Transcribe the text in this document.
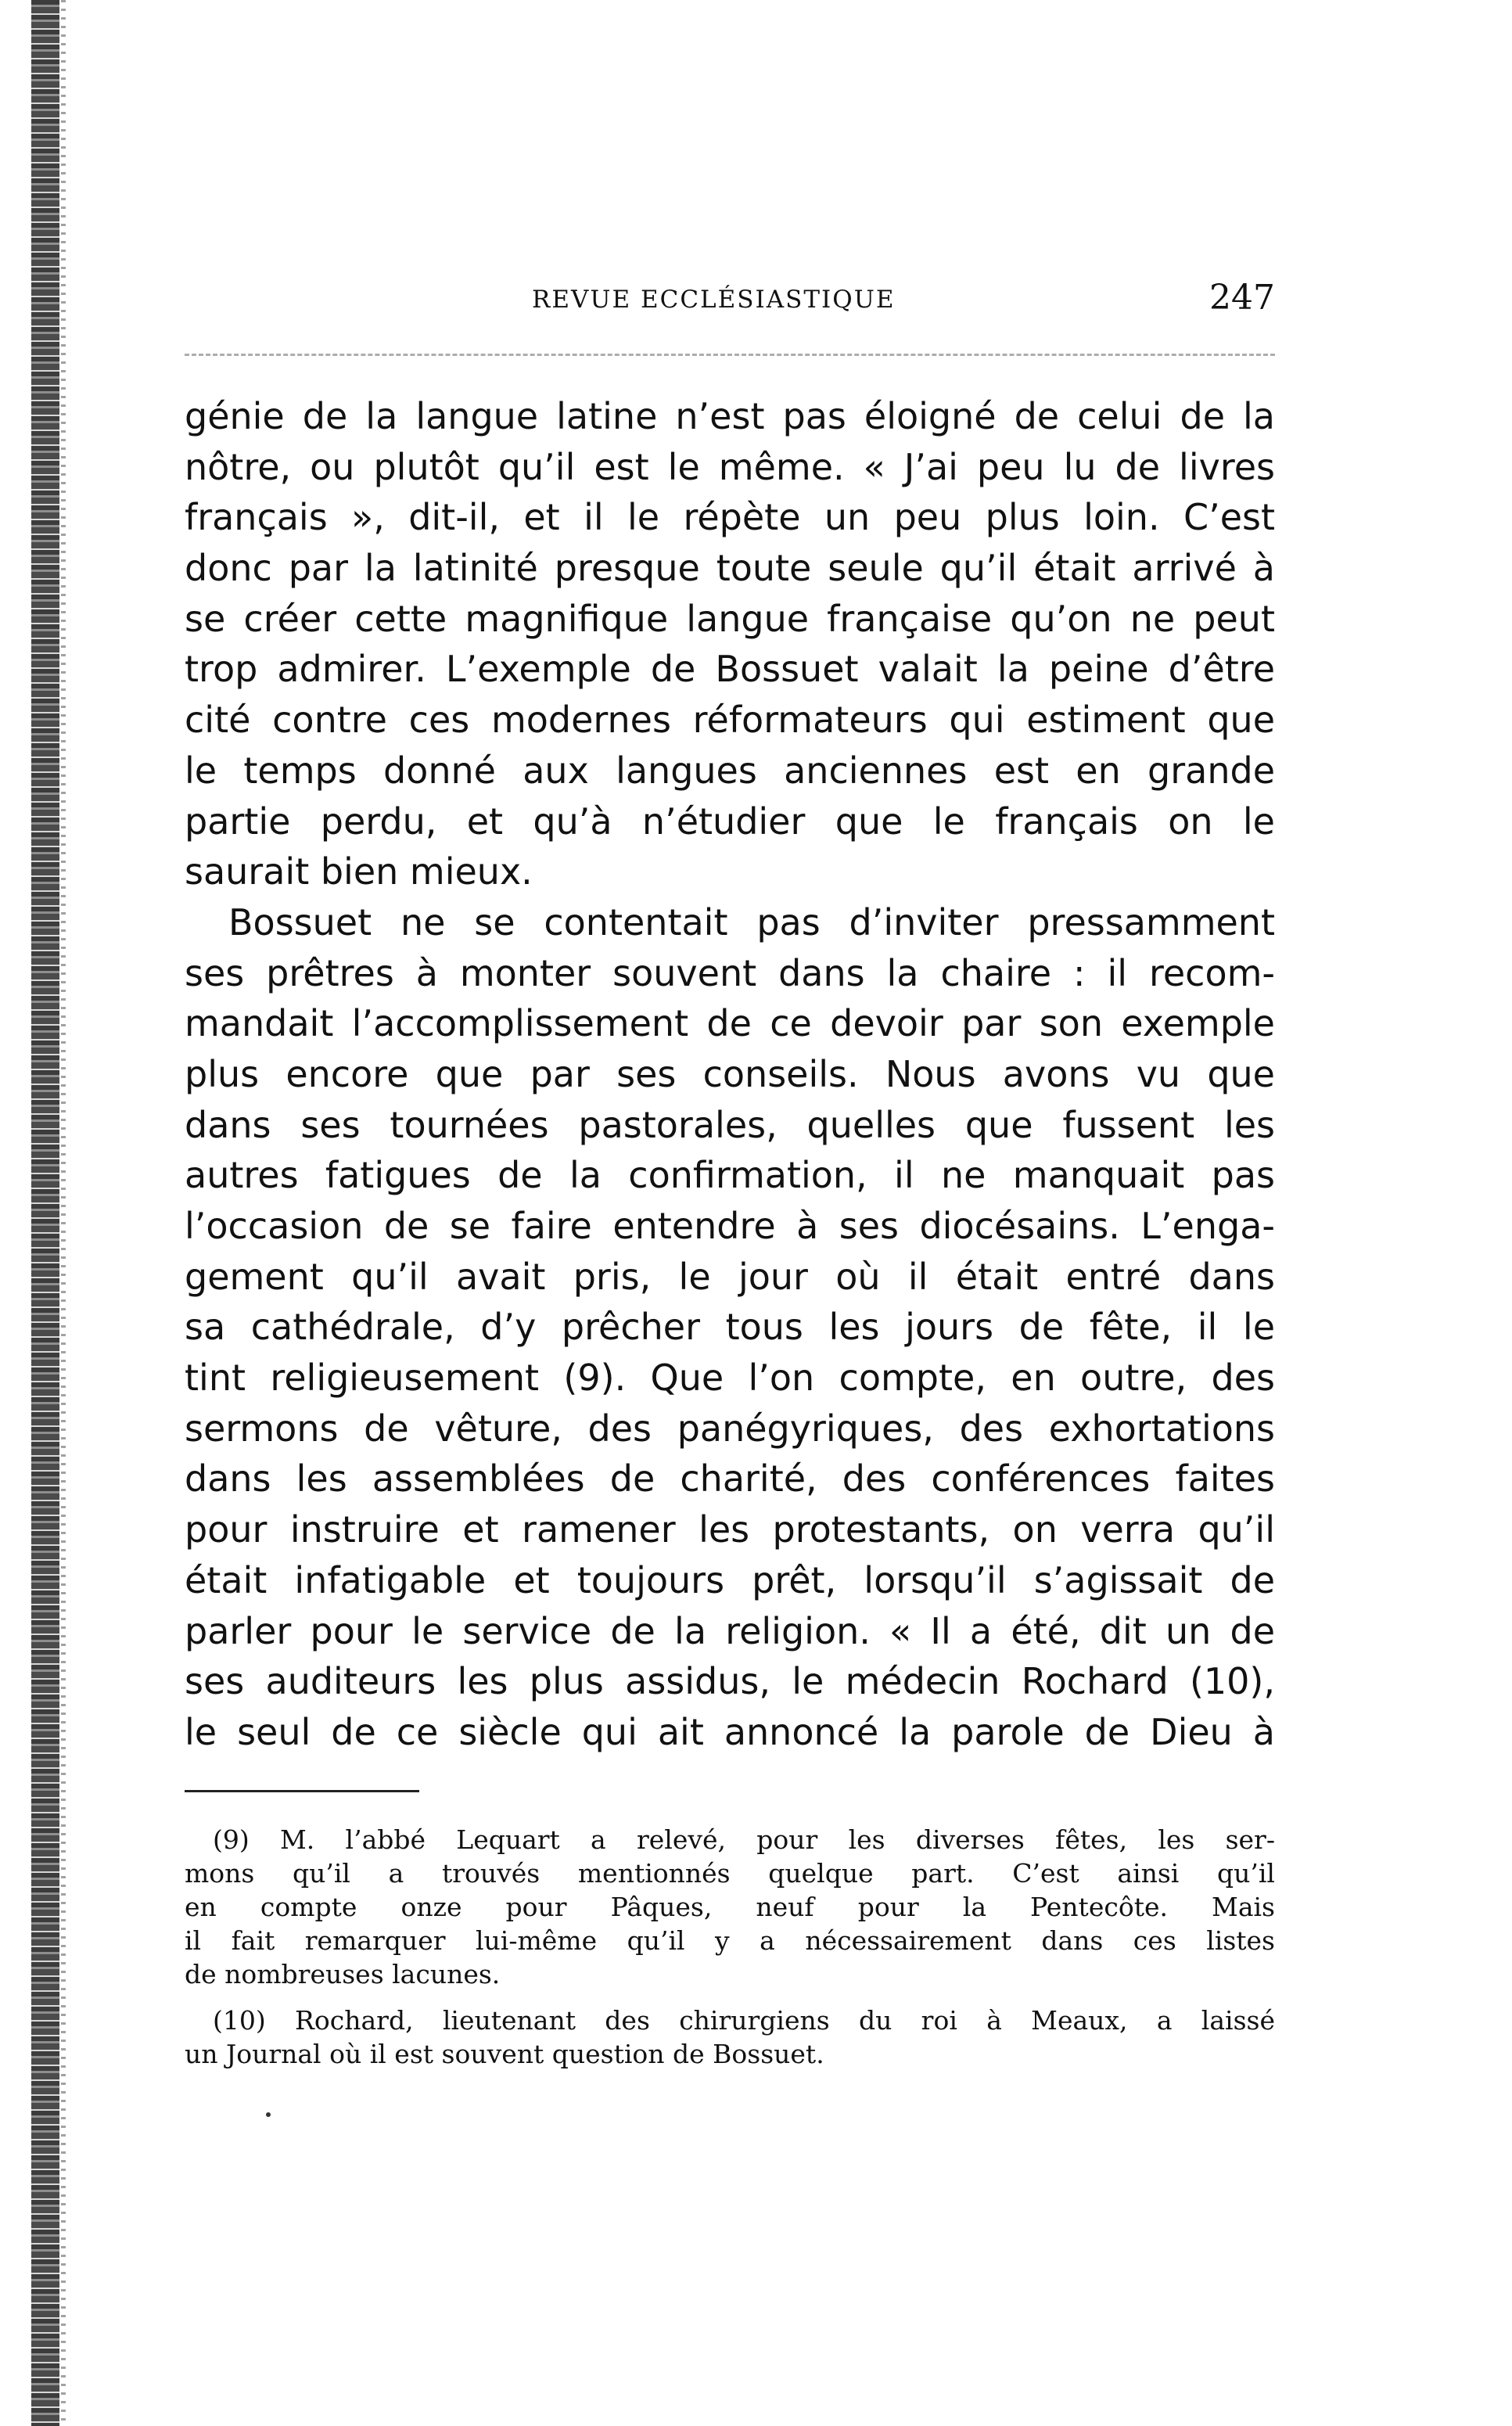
REVUE ECCLÉSIASTIQUE	247
génie de la langue latine n’est pas éloigné de celui de la
nôtre, ou plutôt qu’il est le même. « J’ai peu lu de livres
français », dit-il, et il le répète un peu plus loin. C’est
donc par la latinité presque toute seule qu’il était arrivé à
se créer cette magnifique langue française qu’on ne peut
trop admirer. L’exemple de Bossuet valait la peine d’être
cité contre ces modernes réformateurs qui estiment que
le temps donné aux langues anciennes est en grande
partie perdu, et qu’à n’étudier que le français on le
saurait bien mieux.
Bossuet ne se contentait pas d’inviter pressamment
ses prêtres à monter souvent dans la chaire : il recom-
mandait l’accomplissement de ce devoir par son exemple
plus encore que par ses conseils. Nous avons vu que
dans ses tournées pastorales, quelles que fussent les
autres fatigues de la confirmation, il ne manquait pas
l’occasion de se faire entendre à ses diocésains. L’enga-
gement qu’il avait pris, le jour où il était entré dans
sa cathédrale, d’y prêcher tous les jours de fête, il le
tint religieusement (9). Que l’on compte, en outre, des
sermons de vêture, des panégyriques, des exhortations
dans les assemblées de charité, des conférences faites
pour instruire et ramener les protestants, on verra qu’il
était infatigable et toujours prêt, lorsqu’il s’agissait de
parler pour le service de la religion. « Il a été, dit un de
ses auditeurs les plus assidus, le médecin Rochard (10),
le seul de ce siècle qui ait annoncé la parole de Dieu à
(9) M. l’abbé Lequart a relevé, pour les diverses fêtes, les ser-
mons qu’il a trouvés mentionnés quelque part. C’est ainsi qu’il
en compte onze pour Pâques, neuf pour la Pentecôte. Mais
il fait remarquer lui-même qu’il y a nécessairement dans ces listes
de nombreuses lacunes.
(10) Rochard, lieutenant des chirurgiens du roi à Meaux, a laissé
un Journal où il est souvent question de Bossuet.
